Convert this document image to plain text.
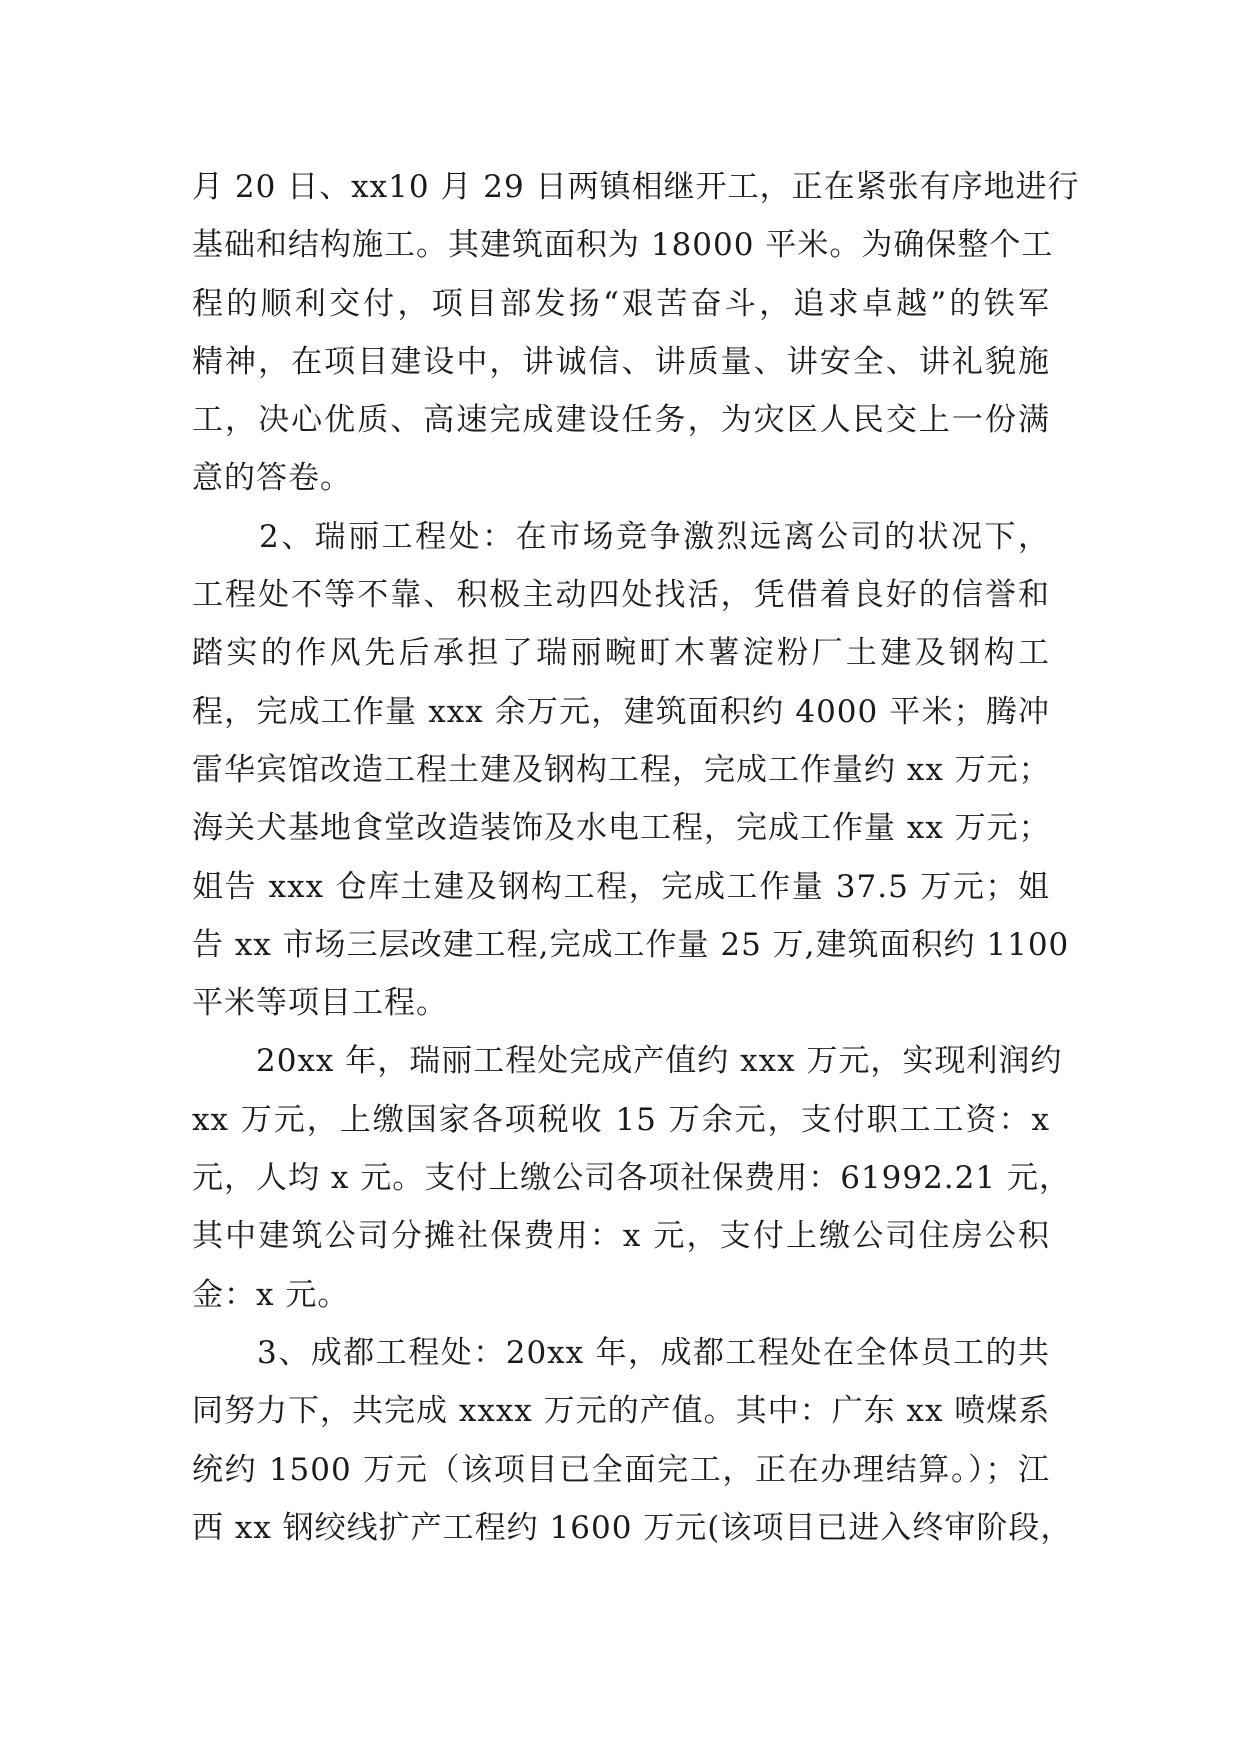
月 20 日、xx10 月 29 日两镇相继开工，正在紧张有序地进行
基础和结构施工。其建筑面积为 18000 平米。为确保整个工
程的顺利交付，项目部发扬“艰苦奋斗，追求卓越”的铁军
精神，在项目建设中，讲诚信、讲质量、讲安全、讲礼貌施
工，决心优质、高速完成建设任务，为灾区人民交上一份满
意的答卷。
　　2、瑞丽工程处：在市场竞争激烈远离公司的状况下，
工程处不等不靠、积极主动四处找活，凭借着良好的信誉和
踏实的作风先后承担了瑞丽畹町木薯淀粉厂土建及钢构工
程，完成工作量 xxx 余万元，建筑面积约 4000 平米；腾冲
雷华宾馆改造工程土建及钢构工程，完成工作量约 xx 万元；
海关犬基地食堂改造装饰及水电工程，完成工作量 xx 万元；
姐告 xxx 仓库土建及钢构工程，完成工作量 37.5 万元；姐
告 xx 市场三层改建工程,完成工作量 25 万,建筑面积约 1100
平米等项目工程。
　　20xx 年，瑞丽工程处完成产值约 xxx 万元，实现利润约
xx 万元，上缴国家各项税收 15 万余元，支付职工工资：x
元，人均 x 元。支付上缴公司各项社保费用：61992.21 元，
其中建筑公司分摊社保费用：x 元，支付上缴公司住房公积
金：x 元。
　　3、成都工程处：20xx 年，成都工程处在全体员工的共
同努力下，共完成 xxxx 万元的产值。其中：广东 xx 喷煤系
统约 1500 万元（该项目已全面完工，正在办理结算。）；江
西 xx 钢绞线扩产工程约 1600 万元(该项目已进入终审阶段，
